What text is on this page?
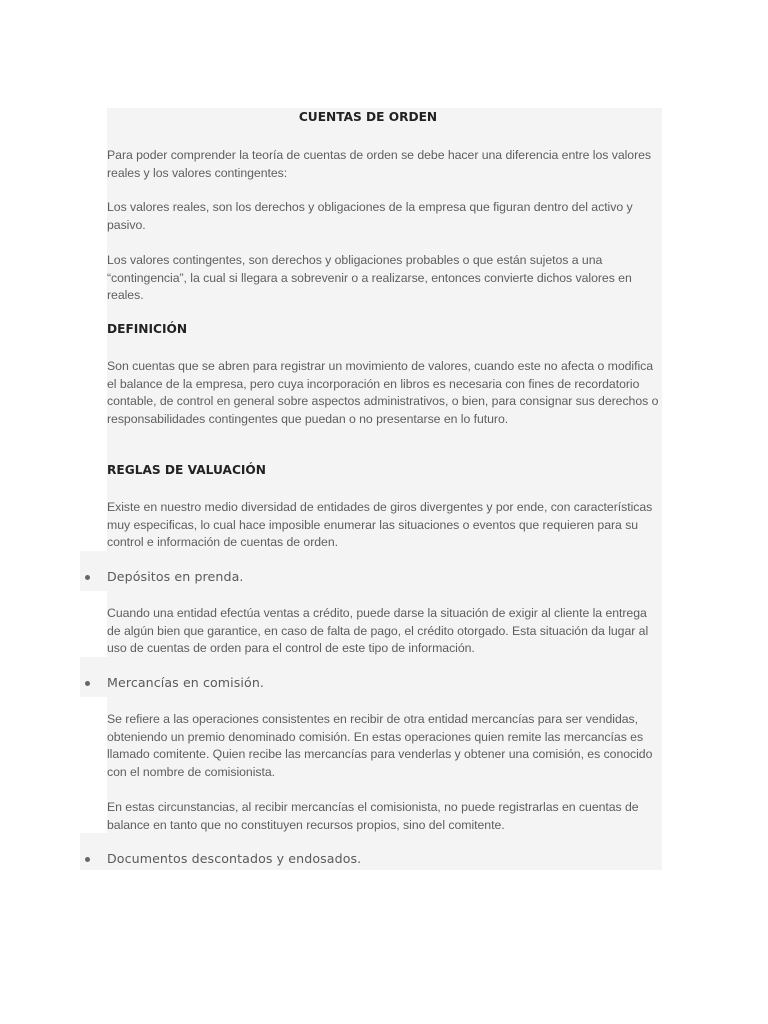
CUENTAS DE ORDEN
Para poder comprender la teoría de cuentas de orden se debe hacer una diferencia entre los valores reales y los valores contingentes:
Los valores reales, son los derechos y obligaciones de la empresa que figuran dentro del activo y pasivo.
Los valores contingentes, son derechos y obligaciones probables o que están sujetos a una “contingencia”, la cual si llegara a sobrevenir o a realizarse, entonces convierte dichos valores en reales.
DEFINICIÓN
Son cuentas que se abren para registrar un movimiento de valores, cuando este no afecta o modifica el balance de la empresa, pero cuya incorporación en libros es necesaria con fines de recordatorio contable, de control en general sobre aspectos administrativos, o bien, para consignar sus derechos o responsabilidades contingentes que puedan o no presentarse en lo futuro.
REGLAS DE VALUACIÓN
Existe en nuestro medio diversidad de entidades de giros divergentes y por ende, con características muy especificas, lo cual hace imposible enumerar las situaciones o eventos que requieren para su control e información de cuentas de orden.
Depósitos en prenda.
Cuando una entidad efectúa ventas a crédito, puede darse la situación de exigir al cliente la entrega de algún bien que garantice, en caso de falta de pago, el crédito otorgado. Esta situación da lugar al uso de cuentas de orden para el control de este tipo de información.
Mercancías en comisión.
Se refiere a las operaciones consistentes en recibir de otra entidad mercancías para ser vendidas, obteniendo un premio denominado comisión. En estas operaciones quien remite las mercancías es llamado comitente. Quien recibe las mercancías para venderlas y obtener una comisión, es conocido con el nombre de comisionista.
En estas circunstancias, al recibir mercancías el comisionista, no puede registrarlas en cuentas de balance en tanto que no constituyen recursos propios, sino del comitente.
Documentos descontados y endosados.
